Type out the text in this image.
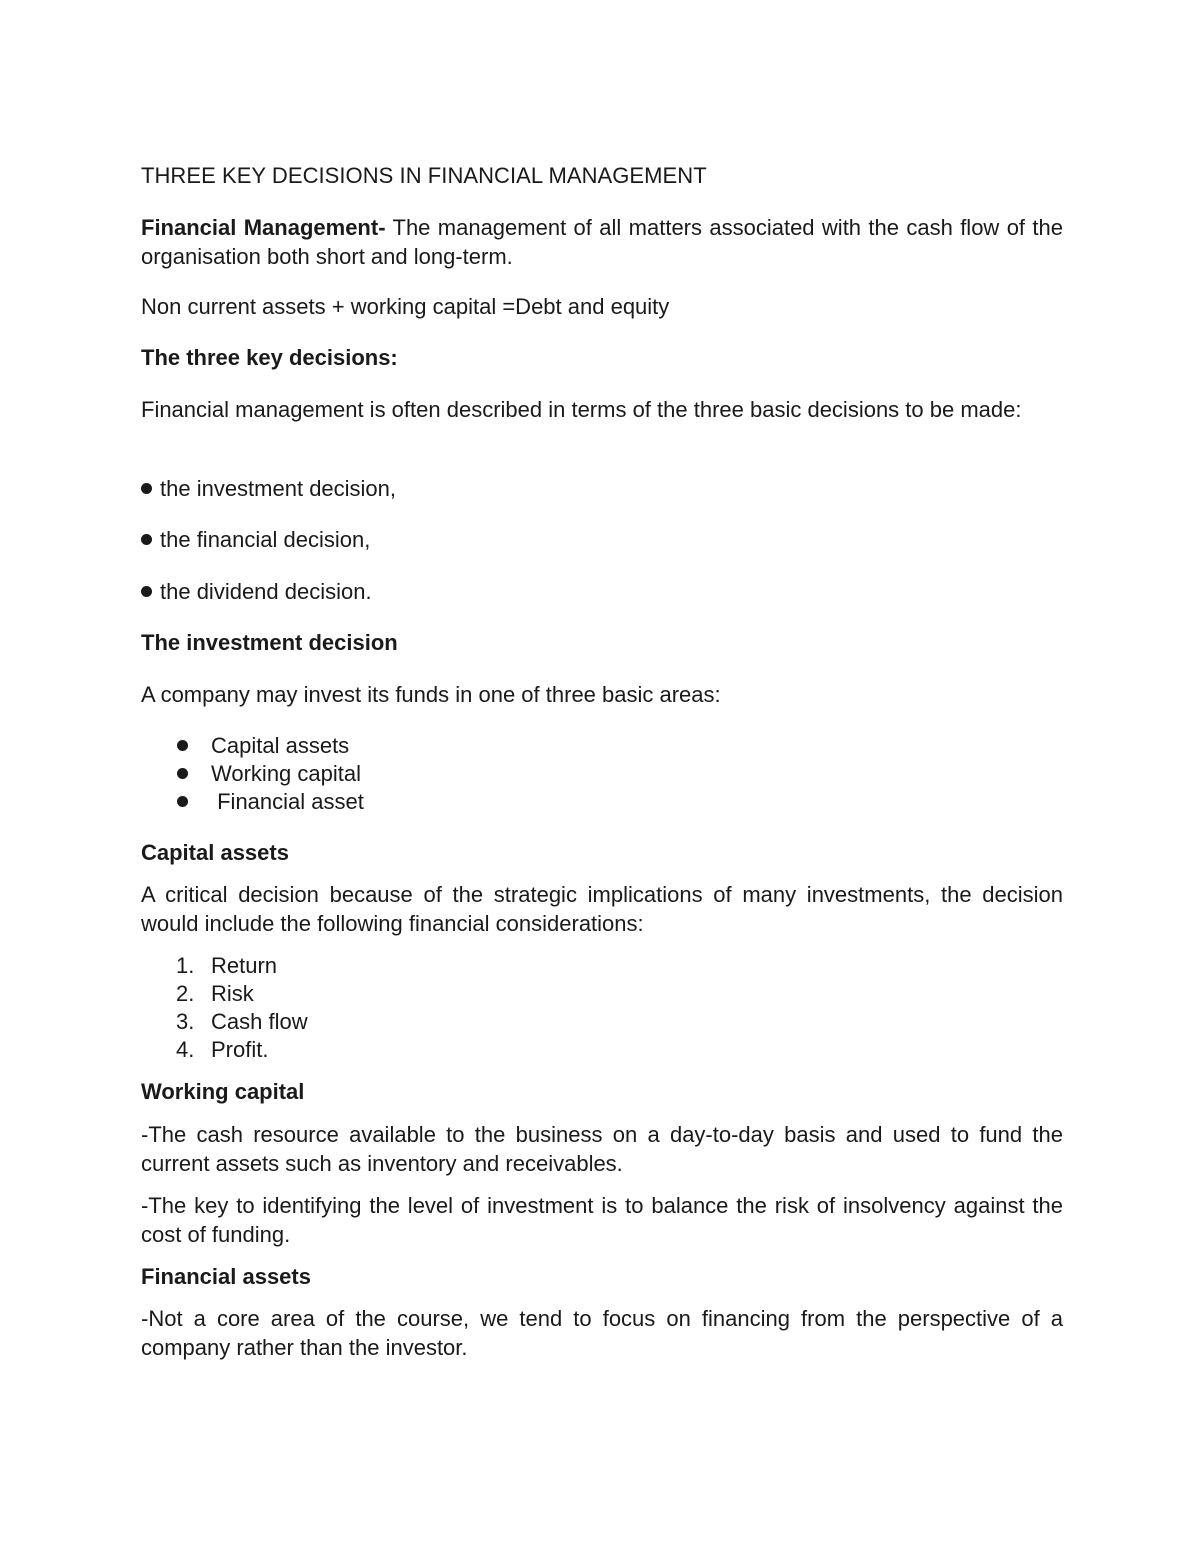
THREE KEY DECISIONS IN FINANCIAL MANAGEMENT
Financial Management- The management of all matters associated with the cash flow of the organisation both short and long-term.
Non current assets + working capital =Debt and equity
The three key decisions:
Financial management is often described in terms of the three basic decisions to be made:
the investment decision,
the financial decision,
the dividend decision.
The investment decision
A company may invest its funds in one of three basic areas:
Capital assets
Working capital
Financial asset
Capital assets
A critical decision because of the strategic implications of many investments, the decision would include the following financial considerations:
1. Return
2. Risk
3. Cash flow
4. Profit.
Working capital
-The cash resource available to the business on a day-to-day basis and used to fund the current assets such as inventory and receivables.
-The key to identifying the level of investment is to balance the risk of insolvency against the cost of funding.
Financial assets
-Not a core area of the course, we tend to focus on financing from the perspective of a company rather than the investor.
